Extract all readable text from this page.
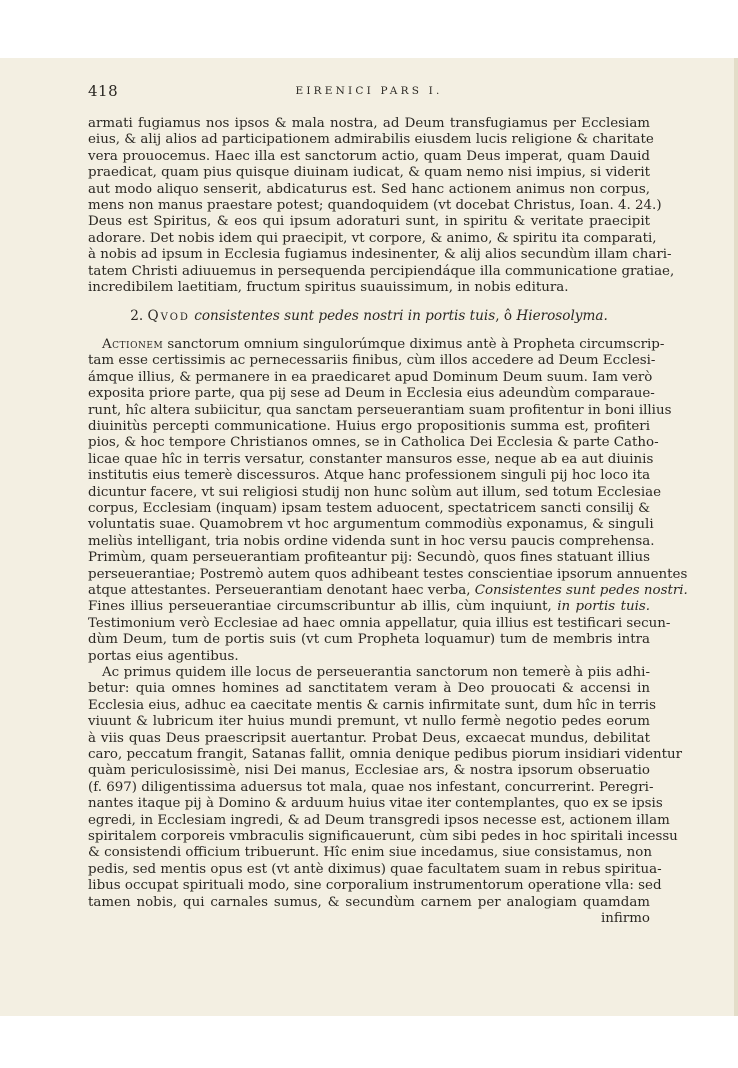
418	EIRENICI PARS I.
armati fugiamus nos ipsos & mala nostra, ad Deum transfugiamus per Ecclesiam
eius, & alij alios ad participationem admirabilis eiusdem lucis religione & charitate
vera prouocemus. Haec illa est sanctorum actio, quam Deus imperat, quam Dauid
praedicat, quam pius quisque diuinam iudicat, & quam nemo nisi impius, si viderit
aut modo aliquo senserit, abdicaturus est. Sed hanc actionem animus non corpus,
mens non manus praestare potest; quandoquidem (vt docebat Christus, Ioan. 4. 24.)
Deus est Spiritus, & eos qui ipsum adoraturi sunt, in spiritu & veritate praecipit
adorare. Det nobis idem qui praecipit, vt corpore, & animo, & spiritu ita comparati,
à nobis ad ipsum in Ecclesia fugiamus indesinenter, & alij alios secundùm illam chari-
tatem Christi adiuuemus in persequenda percipiendáque illa communicatione gratiae,
incredibilem laetitiam, fructum spiritus suauissimum, in nobis editura.
2. Qvod consistentes sunt pedes nostri in portis tuis, ô Hierosolyma.
Actionem sanctorum omnium singulorúmque diximus antè à Propheta circumscrip-
tam esse certissimis ac pernecessariis finibus, cùm illos accedere ad Deum Ecclesi-
ámque illius, & permanere in ea praedicaret apud Dominum Deum suum. Iam verò
exposita priore parte, qua pij sese ad Deum in Ecclesia eius adeundùm comparaue-
runt, hîc altera subiicitur, qua sanctam perseuerantiam suam profitentur in boni illius
diuinitùs percepti communicatione. Huius ergo propositionis summa est, profiteri
pios, & hoc tempore Christianos omnes, se in Catholica Dei Ecclesia & parte Catho-
licae quae hîc in terris versatur, constanter mansuros esse, neque ab ea aut diuinis
institutis eius temerè discessuros. Atque hanc professionem singuli pij hoc loco ita
dicuntur facere, vt sui religiosi studij non hunc solùm aut illum, sed totum Ecclesiae
corpus, Ecclesiam (inquam) ipsam testem aduocent, spectatricem sancti consilij &
voluntatis suae. Quamobrem vt hoc argumentum commodiùs exponamus, & singuli
meliùs intelligant, tria nobis ordine videnda sunt in hoc versu paucis comprehensa.
Primùm, quam perseuerantiam profiteantur pij: Secundò, quos fines statuant illius
perseuerantiae; Postremò autem quos adhibeant testes conscientiae ipsorum annuentes
atque attestantes. Perseuerantiam denotant haec verba, Consistentes sunt pedes nostri.
Fines illius perseuerantiae circumscribuntur ab illis, cùm inquiunt, in portis tuis.
Testimonium verò Ecclesiae ad haec omnia appellatur, quia illius est testificari secun-
dùm Deum, tum de portis suis (vt cum Propheta loquamur) tum de membris intra
portas eius agentibus.
Ac primus quidem ille locus de perseuerantia sanctorum non temerè à piis adhi-
betur: quia omnes homines ad sanctitatem veram à Deo prouocati & accensi in
Ecclesia eius, adhuc ea caecitate mentis & carnis infirmitate sunt, dum hîc in terris
viuunt & lubricum iter huius mundi premunt, vt nullo fermè negotio pedes eorum
à viis quas Deus praescripsit auertantur. Probat Deus, excaecat mundus, debilitat
caro, peccatum frangit, Satanas fallit, omnia denique pedibus piorum insidiari videntur
quàm periculosissimè, nisi Dei manus, Ecclesiae ars, & nostra ipsorum obseruatio
(f. 697) diligentissima aduersus tot mala, quae nos infestant, concurrerint. Peregri-
nantes itaque pij à Domino & arduum huius vitae iter contemplantes, quo ex se ipsis
egredi, in Ecclesiam ingredi, & ad Deum transgredi ipsos necesse est, actionem illam
spiritalem corporeis vmbraculis significauerunt, cùm sibi pedes in hoc spiritali incessu
& consistendi officium tribuerunt. Hîc enim siue incedamus, siue consistamus, non
pedis, sed mentis opus est (vt antè diximus) quae facultatem suam in rebus spiritua-
libus occupat spirituali modo, sine corporalium instrumentorum operatione vlla: sed
tamen nobis, qui carnales sumus, & secundùm carnem per analogiam quamdam
infirmo
